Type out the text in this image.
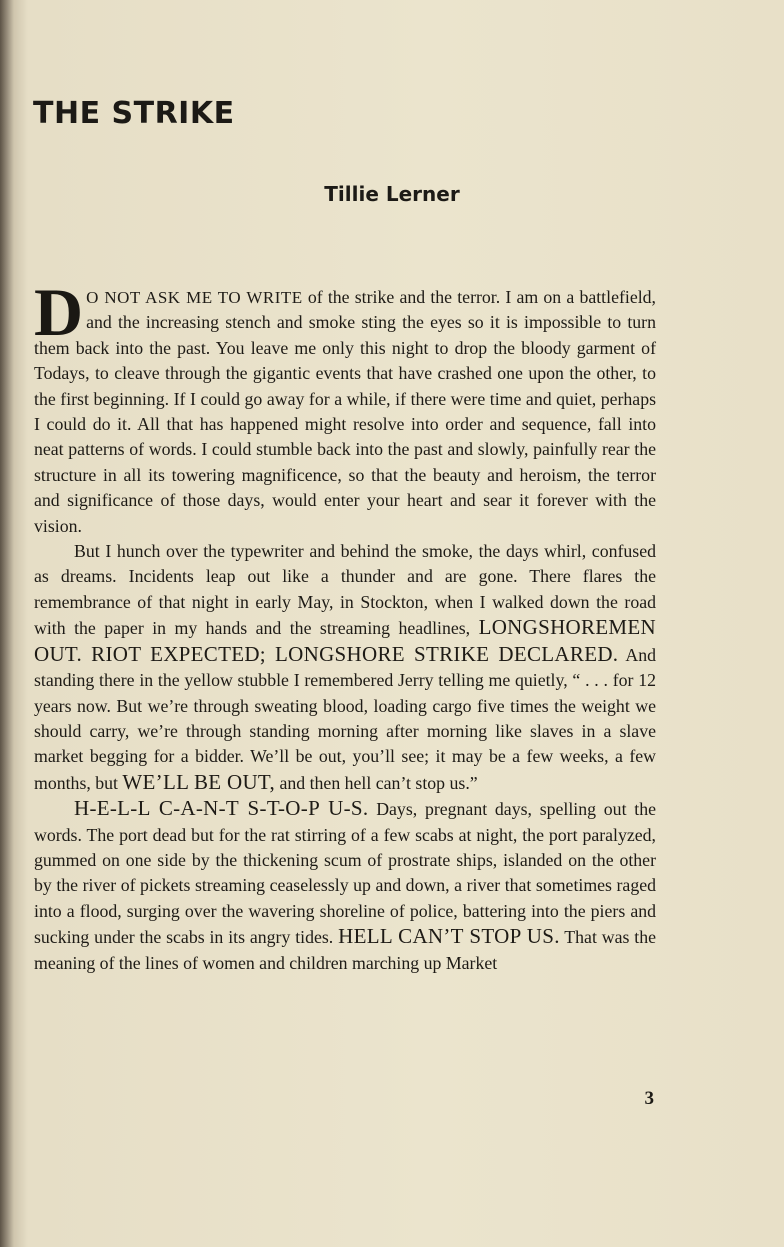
THE STRIKE
Tillie Lerner

D O NOT ASK ME TO WRITE of the strike and the terror. I am on a battlefield, and the increasing stench and smoke sting the eyes so it is impossible to turn them back into the past. You leave me only this night to drop the bloody garment of Todays, to cleave through the gigantic events that have crashed one upon the other, to the first beginning. If I could go away for a while, if there were time and quiet, perhaps I could do it. All that has happened might resolve into order and sequence, fall into neat patterns of words. I could stumble back into the past and slowly, painfully rear the structure in all its towering magnificence, so that the beauty and heroism, the terror and significance of those days, would enter your heart and sear it forever with the vision.

But I hunch over the typewriter and behind the smoke, the days whirl, confused as dreams. Incidents leap out like a thunder and are gone. There flares the remembrance of that night in early May, in Stockton, when I walked down the road with the paper in my hands and the streaming headlines, LONGSHOREMEN OUT. RIOT EXPECTED; LONGSHORE STRIKE DECLARED. And standing there in the yellow stubble I remembered Jerry telling me quietly, “ . . . for 12 years now. But we’re through sweating blood, loading cargo five times the weight we should carry, we’re through standing morning after morning like slaves in a slave market begging for a bidder. We’ll be out, you’ll see; it may be a few weeks, a few months, but WE’LL BE OUT, and then hell can’t stop us.”

H-E-L-L C-A-N-T S-T-O-P U-S. Days, pregnant days, spelling out the words. The port dead but for the rat stirring of a few scabs at night, the port paralyzed, gummed on one side by the thickening scum of prostrate ships, islanded on the other by the river of pickets streaming ceaselessly up and down, a river that sometimes raged into a flood, surging over the wavering shoreline of police, battering into the piers and sucking under the scabs in its angry tides. HELL CAN’T STOP US. That was the meaning of the lines of women and children marching up Market

3
